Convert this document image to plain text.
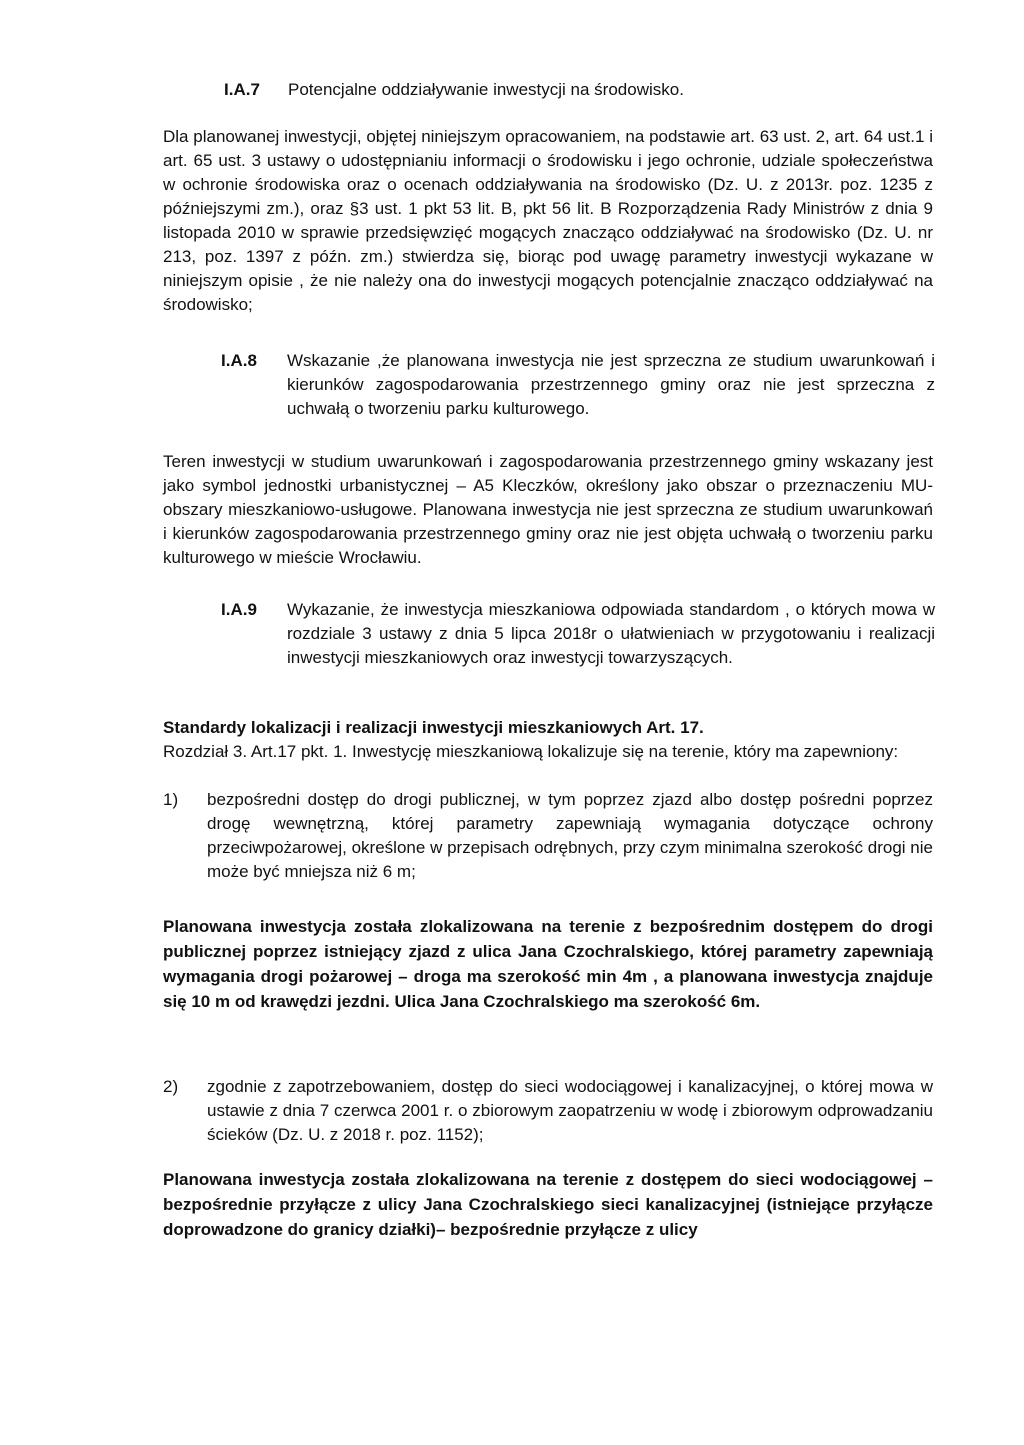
I.A.7	Potencjalne oddziaływanie inwestycji na środowisko.

Dla planowanej inwestycji, objętej niniejszym opracowaniem, na podstawie art. 63 ust. 2, art. 64 ust.1 i art. 65 ust. 3 ustawy o udostępnianiu informacji o środowisku i jego ochronie, udziale społeczeństwa w ochronie środowiska oraz o ocenach oddziaływania na środowisko (Dz. U. z 2013r. poz. 1235 z późniejszymi zm.), oraz §3 ust. 1 pkt 53 lit. B, pkt 56 lit. B Rozporządzenia Rady Ministrów z dnia 9 listopada 2010 w sprawie przedsięwzięć mogących znacząco oddziaływać na środowisko (Dz. U. nr 213, poz. 1397 z późn. zm.) stwierdza się, biorąc pod uwagę parametry inwestycji wykazane w niniejszym opisie , że nie należy ona do inwestycji mogących potencjalnie znacząco oddziaływać na środowisko;

I.A.8	Wskazanie ,że planowana inwestycja nie jest sprzeczna ze studium uwarunkowań i kierunków zagospodarowania przestrzennego gminy oraz nie jest sprzeczna z uchwałą o tworzeniu parku kulturowego.

Teren inwestycji w studium uwarunkowań i zagospodarowania przestrzennego gminy wskazany jest jako symbol jednostki urbanistycznej – A5 Kleczków, określony jako obszar o przeznaczeniu MU- obszary mieszkaniowo-usługowe. Planowana inwestycja nie jest sprzeczna ze studium uwarunkowań i kierunków zagospodarowania przestrzennego gminy oraz nie jest objęta uchwałą o tworzeniu parku kulturowego w mieście Wrocławiu.

I.A.9	Wykazanie, że inwestycja mieszkaniowa odpowiada standardom , o których mowa w rozdziale 3 ustawy z dnia 5 lipca 2018r o ułatwieniach w przygotowaniu i realizacji inwestycji mieszkaniowych oraz inwestycji towarzyszących.

Standardy lokalizacji i realizacji inwestycji mieszkaniowych Art. 17.

Rozdział 3. Art.17 pkt. 1. Inwestycję mieszkaniową lokalizuje się na terenie, który ma zapewniony:

1)	bezpośredni dostęp do drogi publicznej, w tym poprzez zjazd albo dostęp pośredni poprzez drogę wewnętrzną, której parametry zapewniają wymagania dotyczące ochrony przeciwpożarowej, określone w przepisach odrębnych, przy czym minimalna szerokość drogi nie może być mniejsza niż 6 m;

Planowana inwestycja została zlokalizowana na terenie z bezpośrednim dostępem do drogi publicznej poprzez istniejący zjazd z ulica Jana Czochralskiego, której parametry zapewniają wymagania drogi pożarowej – droga ma szerokość min 4m , a planowana inwestycja znajduje się 10 m od krawędzi jezdni. Ulica Jana Czochralskiego ma szerokość 6m.

2)	zgodnie z zapotrzebowaniem, dostęp do sieci wodociągowej i kanalizacyjnej, o której mowa w ustawie z dnia 7 czerwca 2001 r. o zbiorowym zaopatrzeniu w wodę i zbiorowym odprowadzaniu ścieków (Dz. U. z 2018 r. poz. 1152);

Planowana inwestycja została zlokalizowana na terenie z dostępem do sieci wodociągowej – bezpośrednie przyłącze z ulicy Jana Czochralskiego sieci kanalizacyjnej (istniejące przyłącze doprowadzone do granicy działki)– bezpośrednie przyłącze z ulicy
